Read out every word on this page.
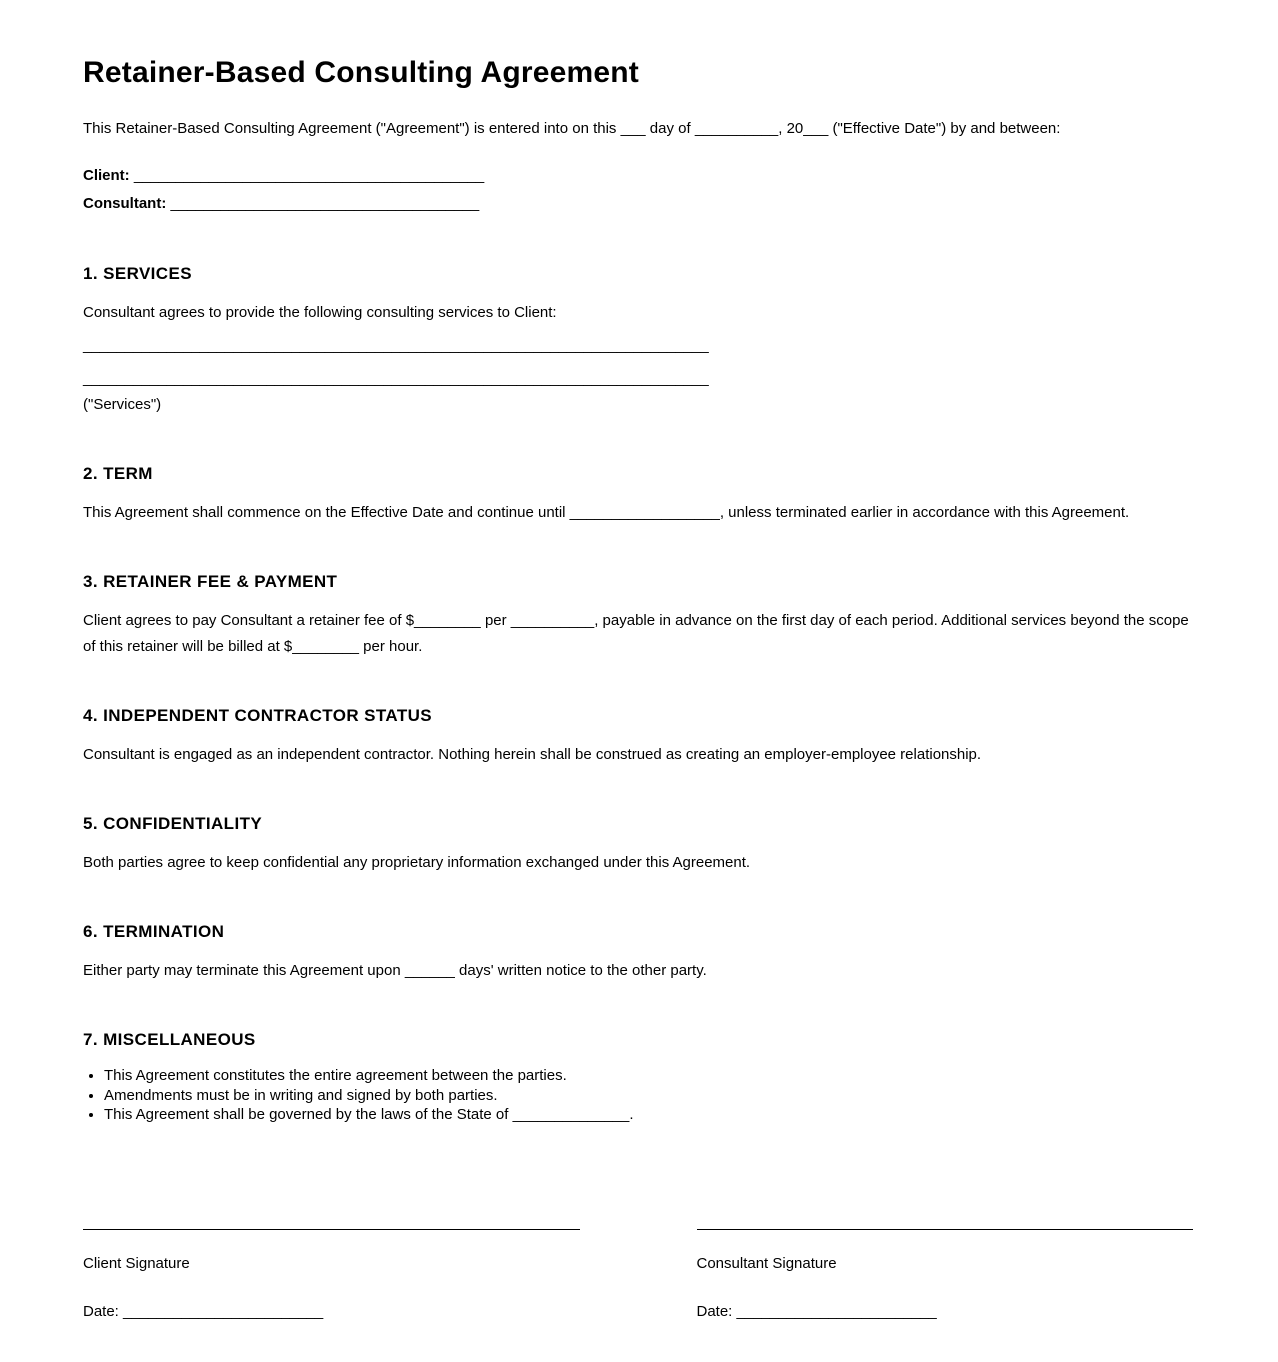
Retainer-Based Consulting Agreement

This Retainer-Based Consulting Agreement ("Agreement") is entered into on this ___ day of __________, 20___ ("Effective Date") by and between:

Client: __________________________________________
Consultant: _____________________________________
1. SERVICES

Consultant agrees to provide the following consulting services to Client:

___________________________________________________________________________
___________________________________________________________________________

("Services")

2. TERM

This Agreement shall commence on the Effective Date and continue until __________________, unless terminated earlier in accordance with this Agreement.

3. RETAINER FEE & PAYMENT

Client agrees to pay Consultant a retainer fee of $________ per __________, payable in advance on the first day of each period. Additional services beyond the scope of this retainer will be billed at $________ per hour.

4. INDEPENDENT CONTRACTOR STATUS

Consultant is engaged as an independent contractor. Nothing herein shall be construed as creating an employer-employee relationship.

5. CONFIDENTIALITY

Both parties agree to keep confidential any proprietary information exchanged under this Agreement.

6. TERMINATION

Either party may terminate this Agreement upon ______ days' written notice to the other party.

7. MISCELLANEOUS
• This Agreement constitutes the entire agreement between the parties.
• Amendments must be in writing and signed by both parties.
• This Agreement shall be governed by the laws of the State of ______________.
Client Signature
Date: ________________________
Consultant Signature
Date: ________________________
